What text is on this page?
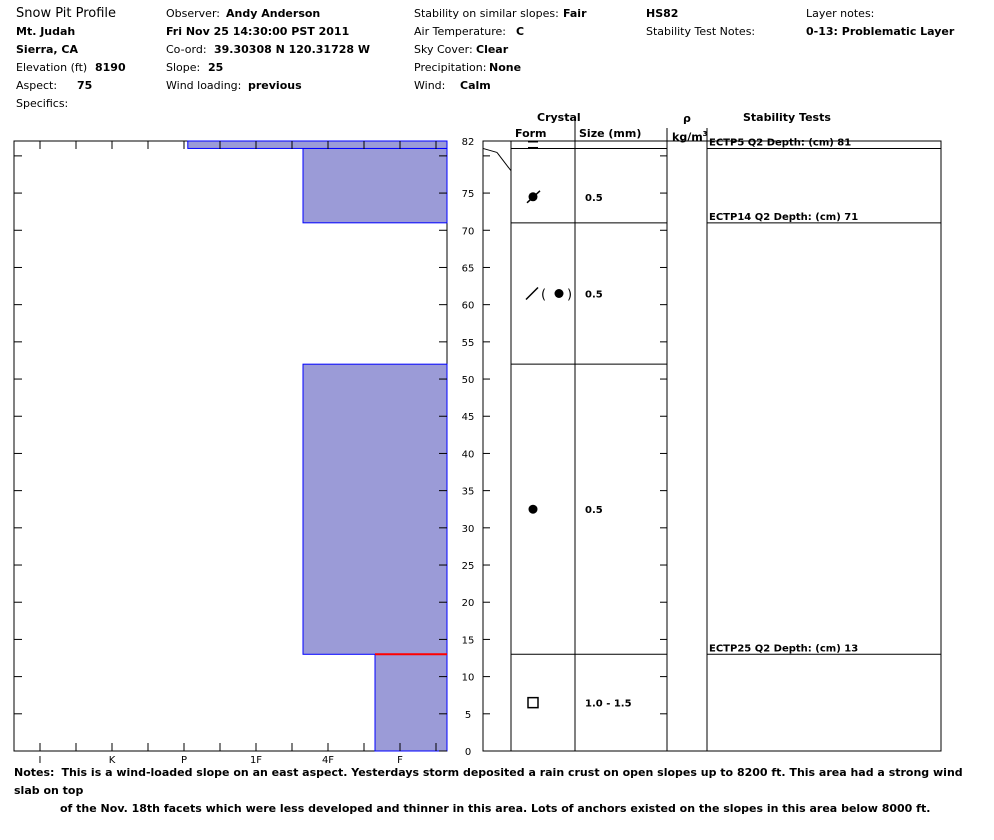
Snow Pit Profile
Mt. Judah
Sierra, CA
Elevation (ft) 8190
Aspect: 75
Specifics:
Observer: Andy Anderson
Fri Nov 25 14:30:00 PST 2011
Co-ord: 39.30308 N 120.31728 W
Slope: 25
Wind loading: previous
Stability on similar slopes: Fair
Air Temperature: C
Sky Cover: Clear
Precipitation: None
Wind: Calm
HS82
Stability Test Notes:
Layer notes:
0-13: Problematic Layer
Crystal
Form	Size (mm)
ρ
$kg/m^3$
Stability Tests
I	K	P	1F	4F	F
0
5
10
15
20
25
30
35
40
45
50
55
60
65
70
75
82
0.5
( ) 0.5
0.5
1.0 - 1.5
ECTP5 Q2 Depth: (cm) 81
ECTP14 Q2 Depth: (cm) 71
ECTP25 Q2 Depth: (cm) 13
Notes: This is a wind-loaded slope on an east aspect. Yesterdays storm deposited a rain crust on open slopes up to 8200 ft. This area had a strong wind slab on top
of the Nov. 18th facets which were less developed and thinner in this area. Lots of anchors existed on the slopes in this area below 8000 ft.
